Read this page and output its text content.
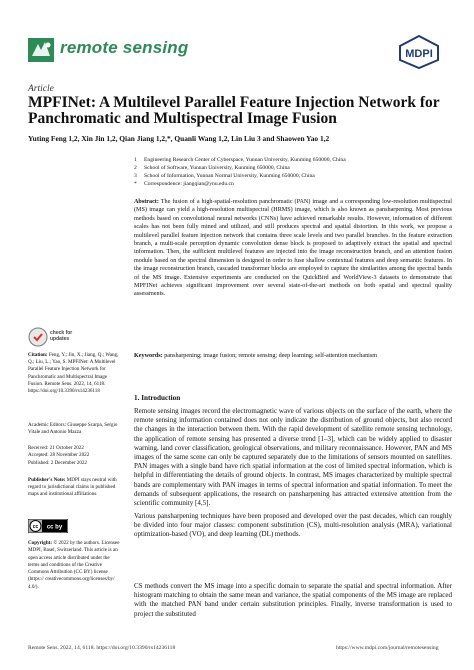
remote sensing	MDPI
Article
MPFINet: A Multilevel Parallel Feature Injection Network for Panchromatic and Multispectral Image Fusion
Yuting Feng 1,2, Xin Jin 1,2, Qian Jiang 1,2,*, Quanli Wang 1,2, Lin Liu 3 and Shaowen Yao 1,2
1	Engineering Research Center of Cyberspace, Yunnan University, Kunming 650000, China
2	School of Software, Yunnan University, Kunming 650000, China
3	School of Information, Yunnan Normal University, Kunming 650000, China
*	Correspondence: jiangqian@ynu.edu.cn
Abstract: The fusion of a high-spatial-resolution panchromatic (PAN) image and a corresponding low-resolution multispectral (MS) image can yield a high-resolution multispectral (HRMS) image, which is also known as pansharpening. Most previous methods based on convolutional neural networks (CNNs) have achieved remarkable results. However, information of different scales has not been fully mined and utilized, and still produces spectral and spatial distortion. In this work, we propose a multilevel parallel feature injection network that contains three scale levels and two parallel branches. In the feature extraction branch, a multi-scale perception dynamic convolution dense block is proposed to adaptively extract the spatial and spectral information. Then, the sufficient multilevel features are injected into the image reconstruction branch, and an attention fusion module based on the spectral dimension is designed in order to fuse shallow contextual features and deep semantic features. In the image reconstruction branch, cascaded transformer blocks are employed to capture the similarities among the spectral bands of the MS image. Extensive experiments are conducted on the QuickBird and WorldView-3 datasets to demonstrate that MPFINet achieves significant improvement over several state-of-the-art methods on both spatial and spectral quality assessments.
Keywords: pansharpening; image fusion; remote sensing; deep learning; self-attention mechanism
check for updates
Citation: Feng, Y.; Jin, X.; Jiang, Q.; Wang, Q.; Liu, L.; Yao, S. MPFINet: A Multilevel Parallel Feature Injection Network for Panchromatic and Multispectral Image Fusion. Remote Sens. 2022, 14, 6118. https://doi.org/10.3390/rs14236118
Academic Editors: Giuseppe Scarpa, Sergio Vitale and Antonio Mazza
Received: 21 October 2022
Accepted: 28 November 2022
Published: 2 December 2022
Publisher's Note: MDPI stays neutral with regard to jurisdictional claims in published maps and institutional affiliations.
cc cc by
Copyright: © 2022 by the authors. Licensee MDPI, Basel, Switzerland. This article is an open access article distributed under the terms and conditions of the Creative Commons Attribution (CC BY) license (https:// creativecommons.org/licenses/by/ 4.0/).
1. Introduction
Remote sensing images record the electromagnetic wave of various objects on the surface of the earth, where the remote sensing information contained does not only indicate the distribution of ground objects, but also record the changes in the interaction between them. With the rapid development of satellite remote sensing technology, the application of remote sensing has presented a diverse trend [1–3], which can be widely applied to disaster warning, land cover classification, geological observations, and military reconnaissance. However, PAN and MS images of the same scene can only be captured separately due to the limitations of sensors mounted on satellites. PAN images with a single band have rich spatial information at the cost of limited spectral information, which is helpful in differentiating the details of ground objects. In contrast, MS images characterized by multiple spectral bands are complementary with PAN images in terms of spectral information and spatial information. To meet the demands of subsequent applications, the research on pansharpening has attracted extensive attention from the scientific community [4,5].
Various pansharpening techniques have been proposed and developed over the past decades, which can roughly be divided into four major classes: component substitution (CS), multi-resolution analysis (MRA), variational optimization-based (VO), and deep learning (DL) methods.
CS methods convert the MS image into a specific domain to separate the spatial and spectral information. After histogram matching to obtain the same mean and variance, the spatial components of the MS image are replaced with the matched PAN band under certain substitution principles. Finally, inverse transformation is used to project the substituted
Remote Sens. 2022, 14, 6118. https://doi.org/10.3390/rs14236118	https://www.mdpi.com/journal/remotesensing
